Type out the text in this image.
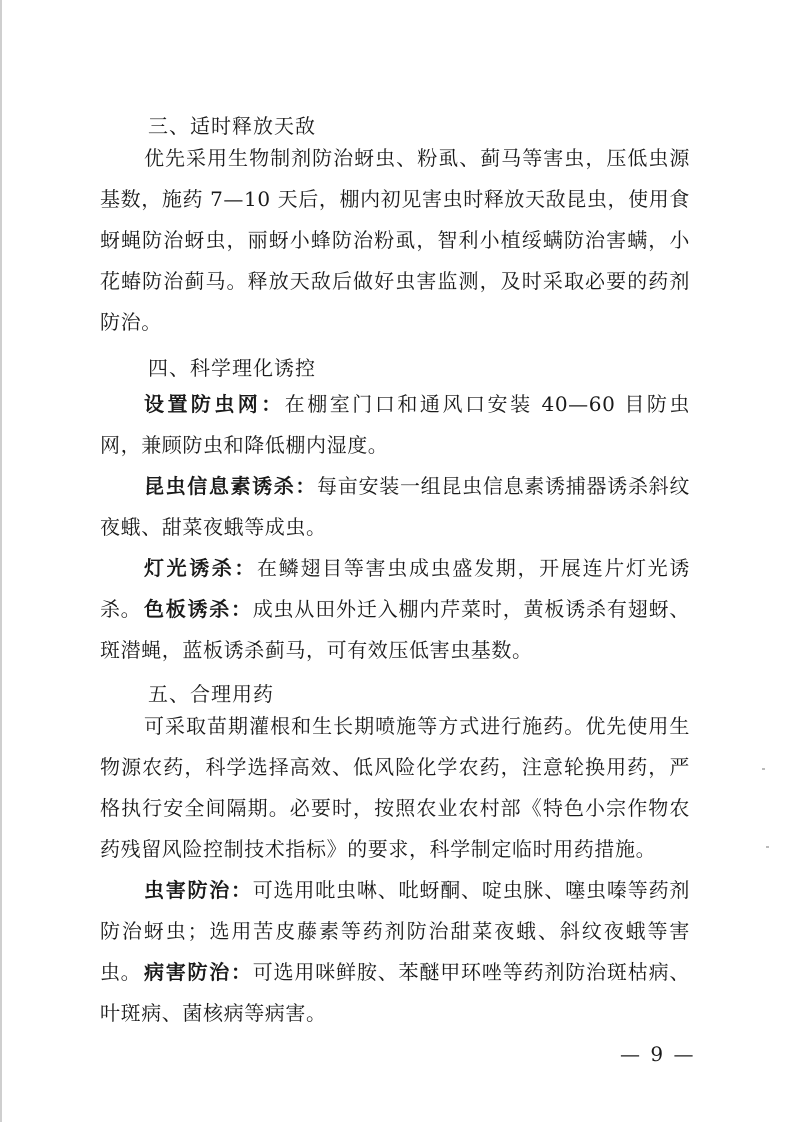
三、适时释放天敌

优先采用生物制剂防治蚜虫、粉虱、蓟马等害虫，压低虫源基数，施药 7—10 天后，棚内初见害虫时释放天敌昆虫，使用食蚜蝇防治蚜虫，丽蚜小蜂防治粉虱，智利小植绥螨防治害螨，小花蝽防治蓟马。释放天敌后做好虫害监测，及时采取必要的药剂防治。

四、科学理化诱控

设置防虫网：在棚室门口和通风口安装 40—60 目防虫网，兼顾防虫和降低棚内湿度。

昆虫信息素诱杀：每亩安装一组昆虫信息素诱捕器诱杀斜纹夜蛾、甜菜夜蛾等成虫。

灯光诱杀：在鳞翅目等害虫成虫盛发期，开展连片灯光诱杀。 色板诱杀：成虫从田外迁入棚内芹菜时，黄板诱杀有翅蚜、斑潜蝇，蓝板诱杀蓟马，可有效压低害虫基数。

五、合理用药

可采取苗期灌根和生长期喷施等方式进行施药。优先使用生物源农药，科学选择高效、低风险化学农药，注意轮换用药，严格执行安全间隔期。必要时，按照农业农村部《特色小宗作物农药残留风险控制技术指标》的要求，科学制定临时用药措施。

虫害防治：可选用吡虫啉、吡蚜酮、啶虫脒、噻虫嗪等药剂防治蚜虫；选用苦皮藤素等药剂防治甜菜夜蛾、斜纹夜蛾等害虫。 病害防治：可选用咪鲜胺、苯醚甲环唑等药剂防治斑枯病、叶斑病、菌核病等病害。

— 9 —
